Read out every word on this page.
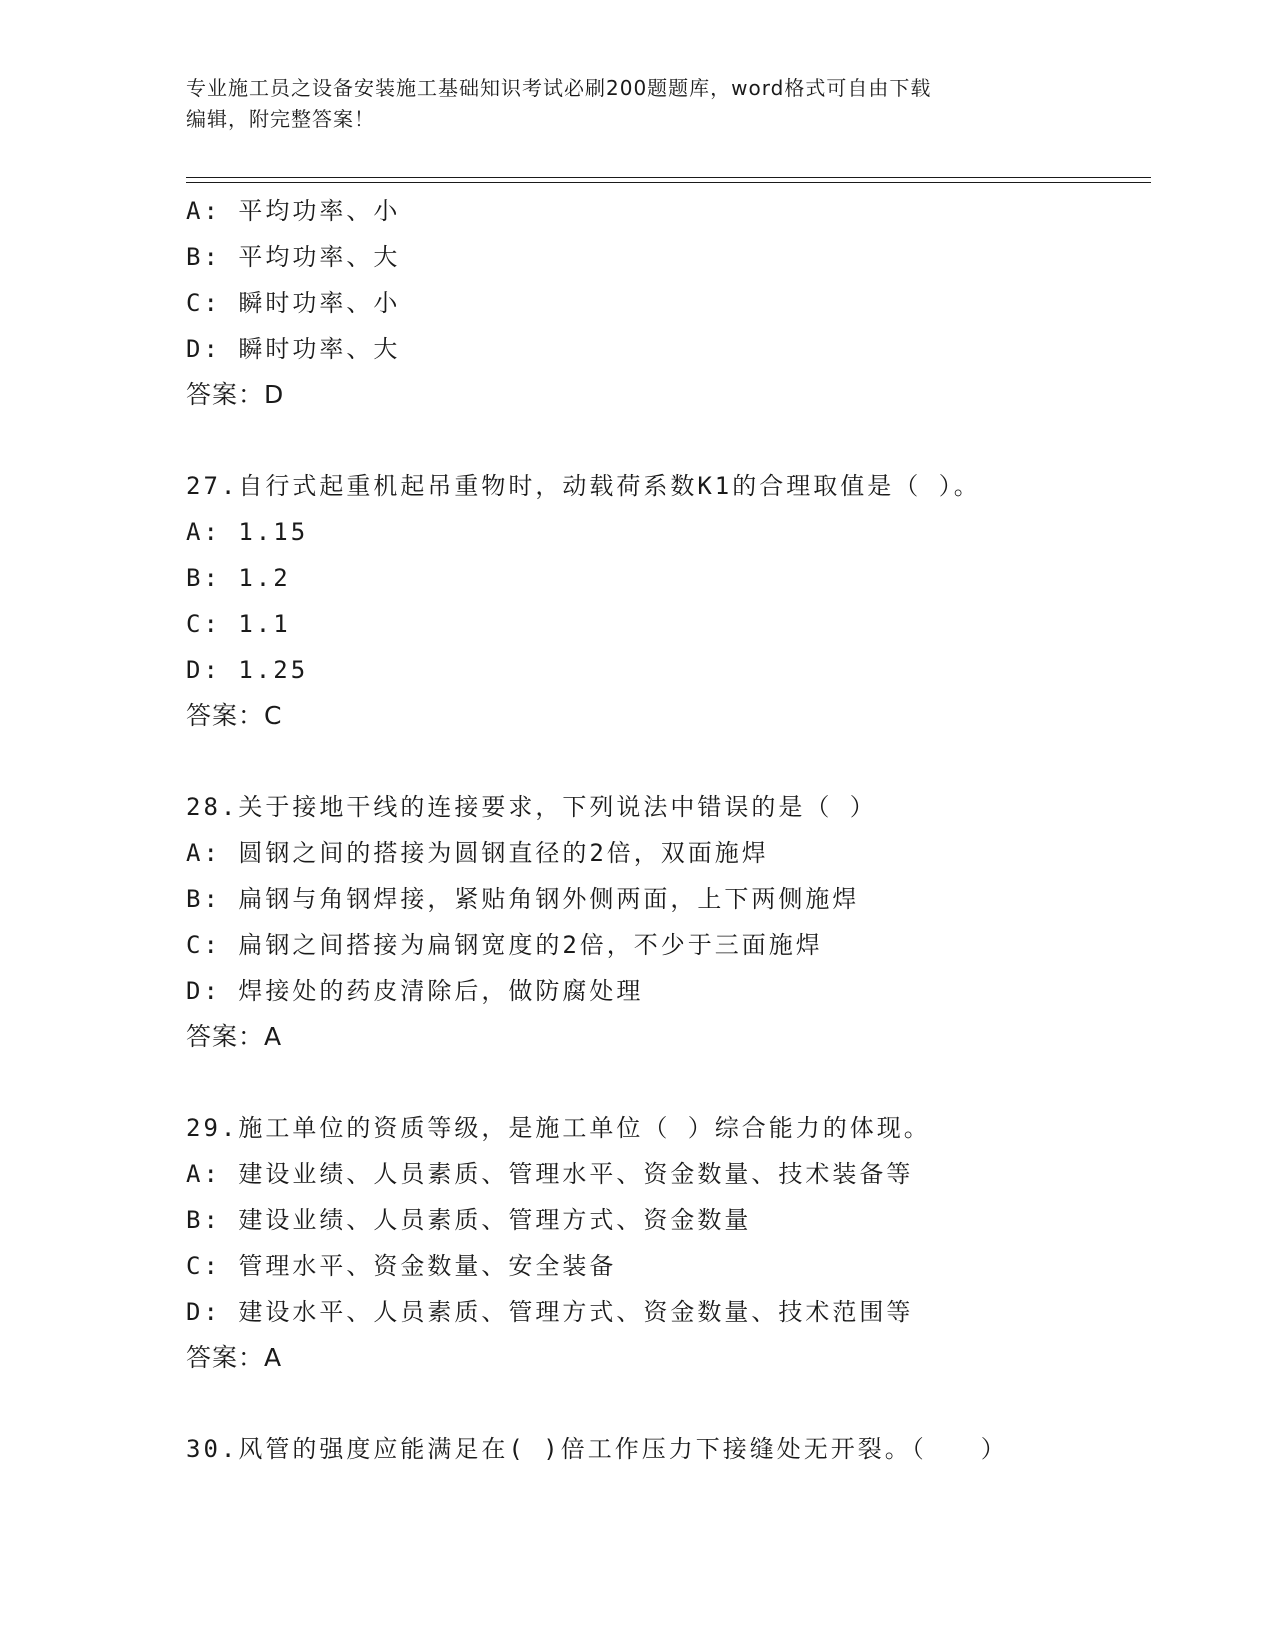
专业施工员之设备安装施工基础知识考试必刷200题题库，word格式可自由下载
编辑，附完整答案！
A: 平均功率、小
B: 平均功率、大
C: 瞬时功率、小
D: 瞬时功率、大
答案：D
27.自行式起重机起吊重物时，动载荷系数K1的合理取值是（ ）。
A: 1.15
B: 1.2
C: 1.1
D: 1.25
答案：C
28.关于接地干线的连接要求，下列说法中错误的是（ ）
A: 圆钢之间的搭接为圆钢直径的2倍，双面施焊
B: 扁钢与角钢焊接，紧贴角钢外侧两面，上下两侧施焊
C: 扁钢之间搭接为扁钢宽度的2倍，不少于三面施焊
D: 焊接处的药皮清除后，做防腐处理
答案：A
29.施工单位的资质等级，是施工单位（ ）综合能力的体现。
A: 建设业绩、人员素质、管理水平、资金数量、技术装备等
B: 建设业绩、人员素质、管理方式、资金数量
C: 管理水平、资金数量、安全装备
D: 建设水平、人员素质、管理方式、资金数量、技术范围等
答案：A
30.风管的强度应能满足在( )倍工作压力下接缝处无开裂。（　　）
